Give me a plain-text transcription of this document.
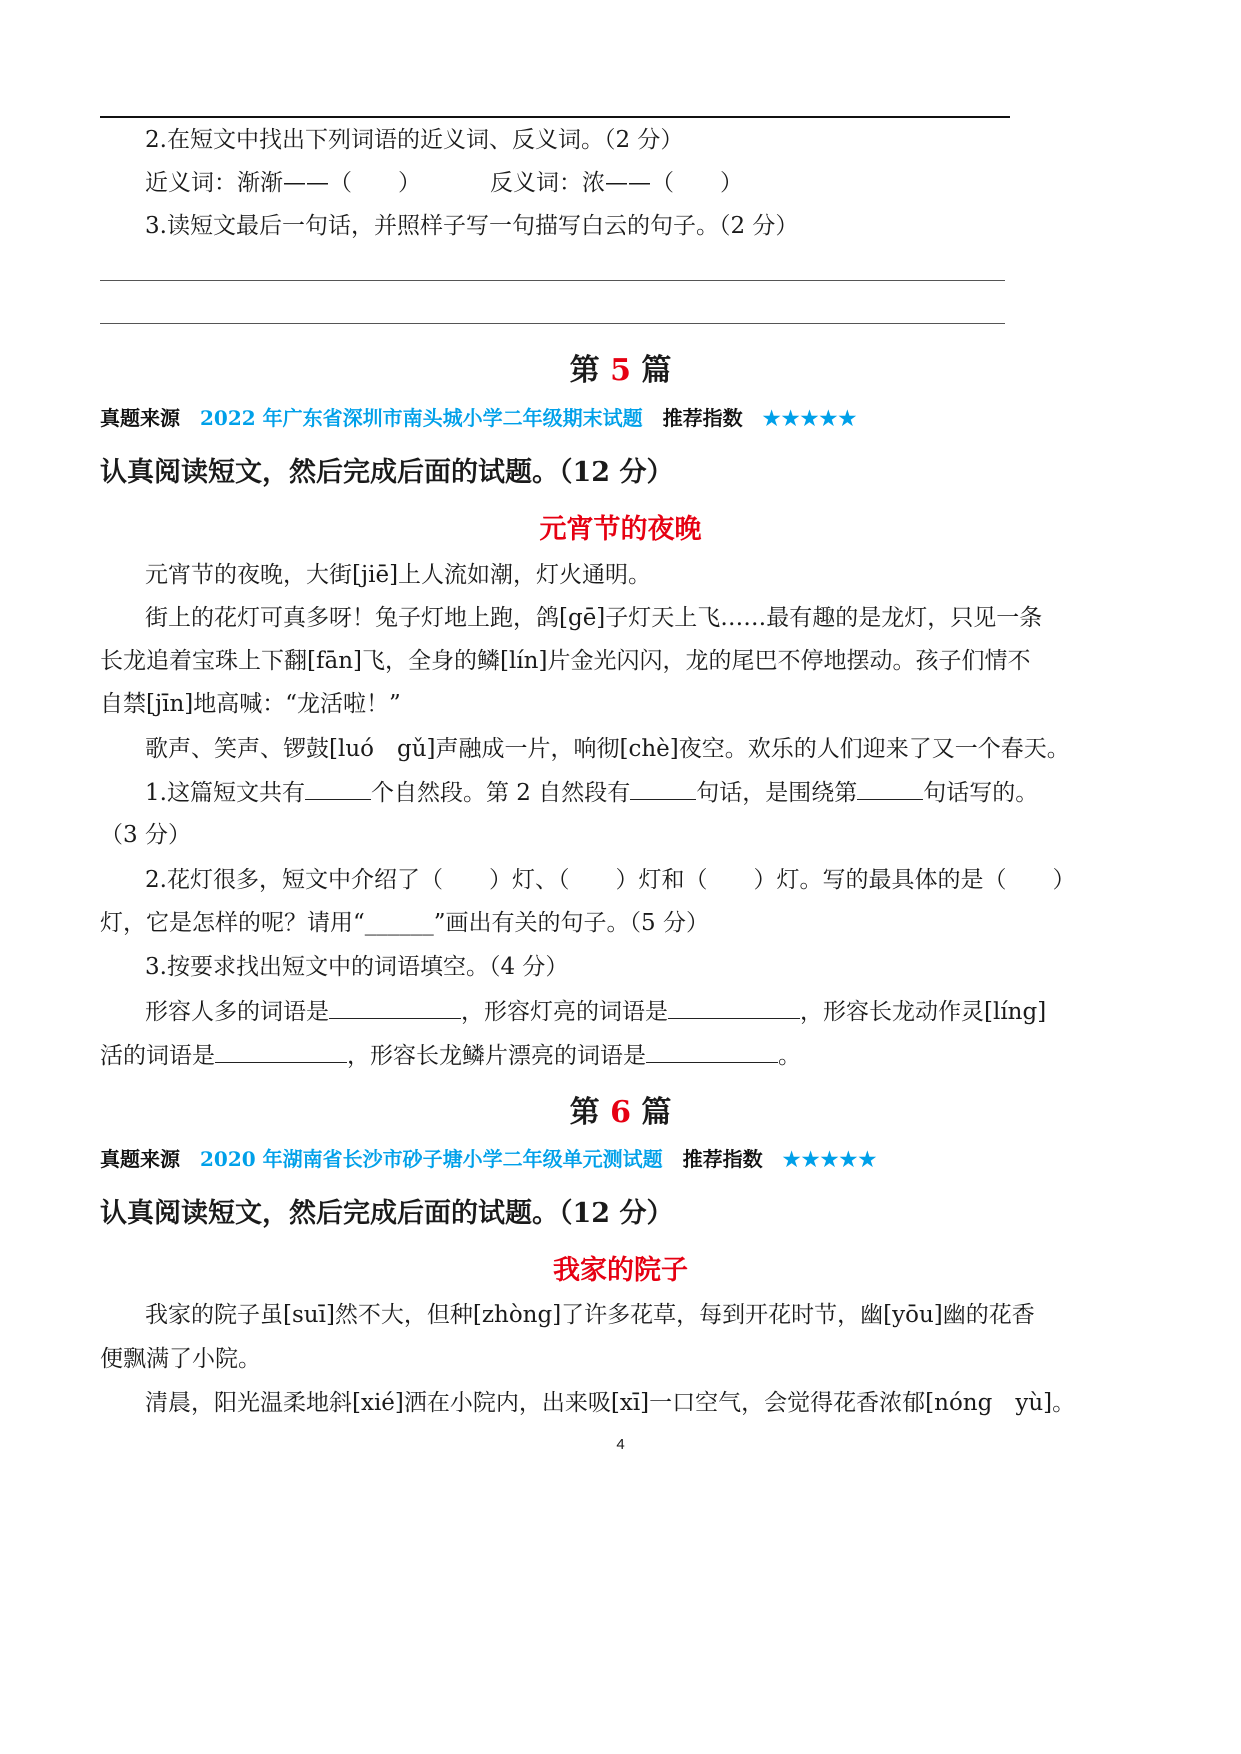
2.在短文中找出下列词语的近义词、反义词。（2 分）
近义词：渐渐——（　　）	反义词：浓——（　　）
3.读短文最后一句话，并照样子写一句描写白云的句子。（2 分）
第 5 篇
真题来源 2022 年广东省深圳市南头城小学二年级期末试题 推荐指数 ★★★★★
认真阅读短文，然后完成后面的试题。（12 分）
元宵节的夜晚
元宵节的夜晚，大街[jiē]上人流如潮，灯火通明。
街上的花灯可真多呀！兔子灯地上跑，鸽[gē]子灯天上飞……最有趣的是龙灯，只见一条
长龙追着宝珠上下翻[fān]飞，全身的鳞[lín]片金光闪闪，龙的尾巴不停地摆动。孩子们情不
自禁[jīn]地高喊：“龙活啦！”
歌声、笑声、锣鼓[luó　gǔ]声融成一片，响彻[chè]夜空。欢乐的人们迎来了又一个春天。
1.这篇短文共有	个自然段。第 2 自然段有	句话，是围绕第	句话写的。
（3 分）
2.花灯很多，短文中介绍了（　　）灯、（　　）灯和（　　）灯。写的最具体的是（　　）
灯，它是怎样的呢？请用“______”画出有关的句子。（5 分）
3.按要求找出短文中的词语填空。（4 分）
形容人多的词语是	，形容灯亮的词语是	，形容长龙动作灵[líng]
活的词语是	，形容长龙鳞片漂亮的词语是	。
第 6 篇
真题来源 2020 年湖南省长沙市砂子塘小学二年级单元测试题 推荐指数 ★★★★★
认真阅读短文，然后完成后面的试题。（12 分）
我家的院子
我家的院子虽[suī]然不大，但种[zhòng]了许多花草，每到开花时节，幽[yōu]幽的花香
便飘满了小院。
清晨，阳光温柔地斜[xié]洒在小院内，出来吸[xī]一口空气，会觉得花香浓郁[nóng　yù]。
4
